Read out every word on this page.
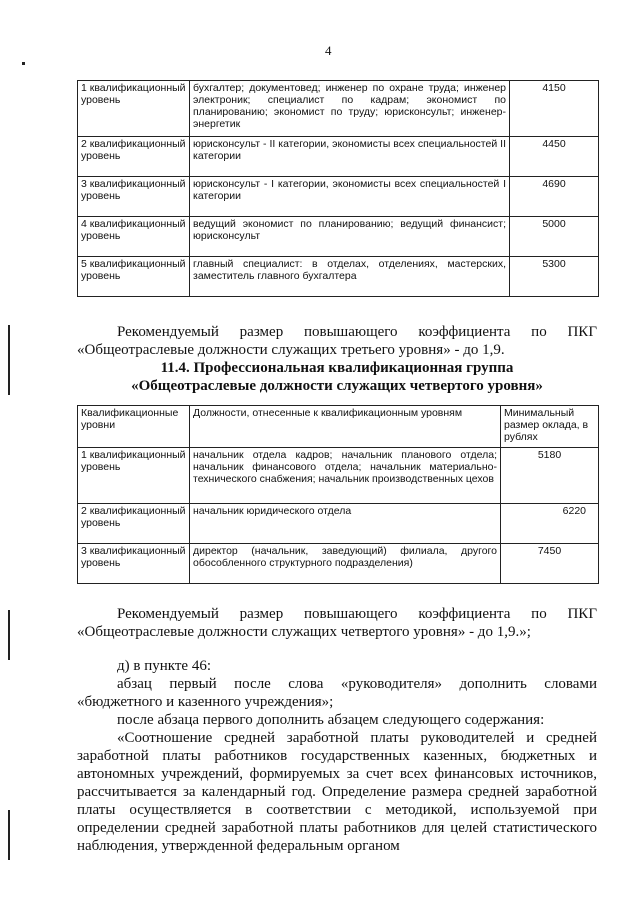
4
1 квалификационный уровень	бухгалтер; документовед; инженер по охране труда; инженер электроник; специалист по кадрам; экономист по планированию; экономист по труду; юрисконсульт; инженер-энергетик	4150
2 квалификационный уровень	юрисконсульт - II категории, экономисты всех специальностей II категории	4450
3 квалификационный уровень	юрисконсульт - I категории, экономисты всех специальностей I категории	4690
4 квалификационный уровень	ведущий экономист по планированию; ведущий финансист; юрисконсульт	5000
5 квалификационный уровень	главный специалист: в отделах, отделениях, мастерских, заместитель главного бухгалтера	5300
Рекомендуемый размер повышающего коэффициента по ПКГ «Общеотраслевые должности служащих третьего уровня» - до 1,9.
11.4. Профессиональная квалификационная группа
«Общеотраслевые должности служащих четвертого уровня»
Квалификационные уровни	Должности, отнесенные к квалификационным уровням	Минимальный размер оклада, в рублях
1 квалификационный уровень	начальник отдела кадров; начальник планового отдела; начальник финансового отдела; начальник материально-технического снабжения; начальник производственных цехов	5180
2 квалификационный уровень	начальник юридического отдела	6220
3 квалификационный уровень	директор (начальник, заведующий) филиала, другого обособленного структурного подразделения)	7450
Рекомендуемый размер повышающего коэффициента по ПКГ «Общеотраслевые должности служащих четвертого уровня» - до 1,9.»;
д) в пункте 46:
абзац первый после слова «руководителя» дополнить словами «бюджетного и казенного учреждения»;
после абзаца первого дополнить абзацем следующего содержания:
«Соотношение средней заработной платы руководителей и средней заработной платы работников государственных казенных, бюджетных и автономных учреждений, формируемых за счет всех финансовых источников, рассчитывается за календарный год. Определение размера средней заработной платы осуществляется в соответствии с методикой, используемой при определении средней заработной платы работников для целей статистического наблюдения, утвержденной федеральным органом
